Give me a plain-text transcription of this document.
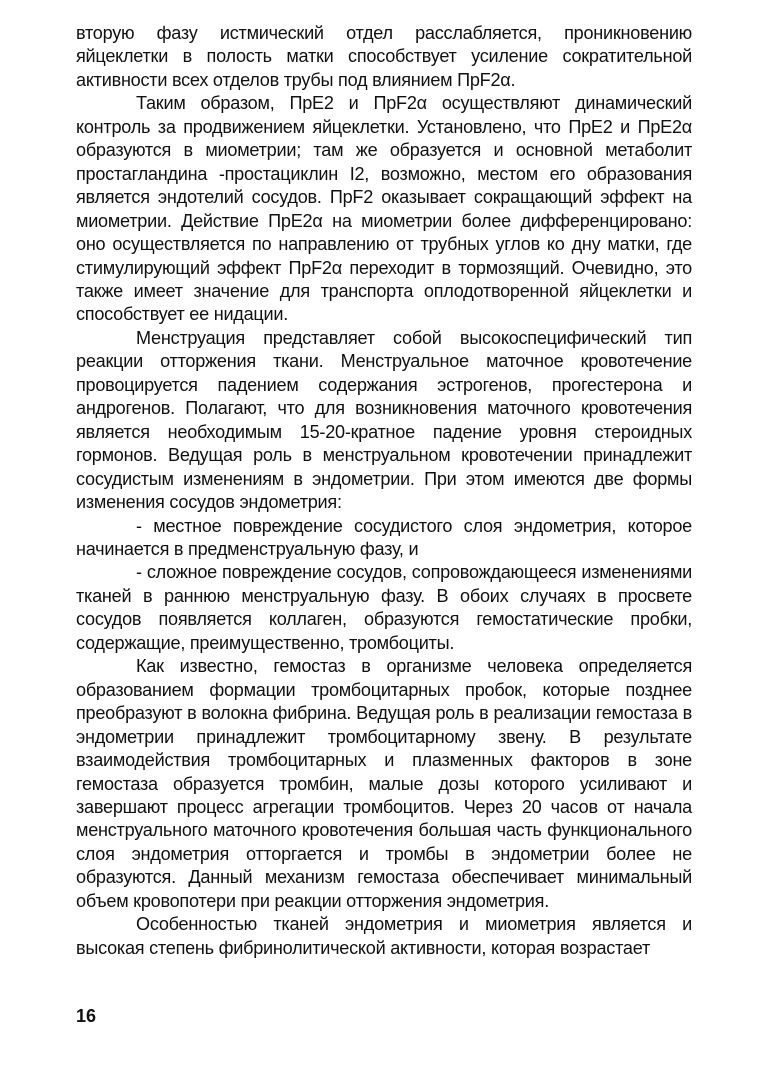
вторую фазу истмический отдел расслабляется, проникновению яйцеклетки в полость матки способствует усиление сократительной активности всех отделов трубы под влиянием ПрF2α.

Таким образом, ПрЕ2 и ПрF2α осуществляют динамический контроль за продвижением яйцеклетки. Установлено, что ПрЕ2 и ПрЕ2α образуются в миометрии; там же образуется и основной метаболит простагландина -простациклин I2, возможно, местом его образования является эндотелий сосудов. ПрF2 оказывает сокращающий эффект на миометрии. Действие ПрЕ2α на миометрии более дифференцировано: оно осуществляется по направлению от трубных углов ко дну матки, где стимулирующий эффект ПрF2α переходит в тормозящий. Очевидно, это также имеет значение для транспорта оплодотворенной яйцеклетки и способствует ее нидации.

Менструация представляет собой высокоспецифический тип реакции отторжения ткани. Менструальное маточное кровотечение провоцируется падением содержания эстрогенов, прогестерона и андрогенов. Полагают, что для возникновения маточного кровотечения является необходимым 15-20-кратное падение уровня стероидных гормонов. Ведущая роль в менструальном кровотечении принадлежит сосудистым изменениям в эндометрии. При этом имеются две формы изменения сосудов эндометрия:

- местное повреждение сосудистого слоя эндометрия, которое начинается в предменструальную фазу, и

- сложное повреждение сосудов, сопровождающееся изменениями тканей в раннюю менструальную фазу. В обоих случаях в просвете сосудов появляется коллаген, образуются гемостатические пробки, содержащие, преимущественно, тромбоциты.

Как известно, гемостаз в организме человека определяется образованием формации тромбоцитарных пробок, которые позднее преобразуют в волокна фибрина. Ведущая роль в реализации гемостаза в эндометрии принадлежит тромбоцитарному звену. В результате взаимодействия тромбоцитарных и плазменных факторов в зоне гемостаза образуется тромбин, малые дозы которого усиливают и завершают процесс агрегации тромбоцитов. Через 20 часов от начала менструального маточного кровотечения большая часть функционального слоя эндометрия отторгается и тромбы в эндометрии более не образуются. Данный механизм гемостаза обеспечивает минимальный объем кровопотери при реакции отторжения эндометрия.

Особенностью тканей эндометрия и миометрия является и высокая степень фибринолитической активности, которая возрастает

16
